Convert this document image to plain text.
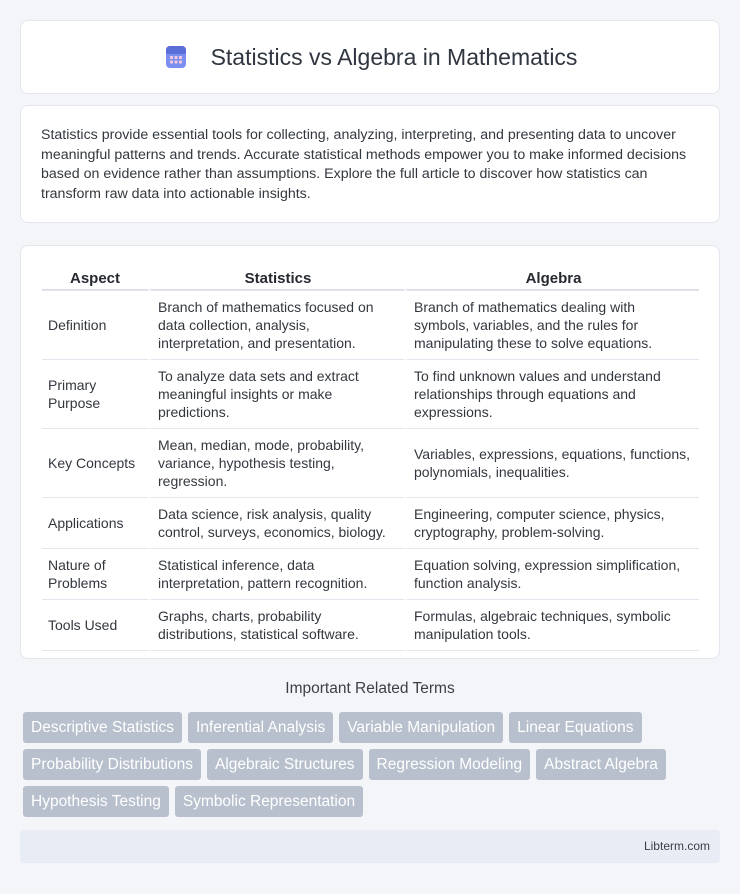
Statistics vs Algebra in Mathematics

Statistics provide essential tools for collecting, analyzing, interpreting, and presenting data to uncover meaningful patterns and trends. Accurate statistical methods empower you to make informed decisions based on evidence rather than assumptions. Explore the full article to discover how statistics can transform raw data into actionable insights.

Aspect	Statistics	Algebra
Definition	Branch of mathematics focused on data collection, analysis, interpretation, and presentation.	Branch of mathematics dealing with symbols, variables, and the rules for manipulating these to solve equations.
Primary Purpose	To analyze data sets and extract meaningful insights or make predictions.	To find unknown values and understand relationships through equations and expressions.
Key Concepts	Mean, median, mode, probability, variance, hypothesis testing, regression.	Variables, expressions, equations, functions, polynomials, inequalities.
Applications	Data science, risk analysis, quality control, surveys, economics, biology.	Engineering, computer science, physics, cryptography, problem-solving.
Nature of Problems	Statistical inference, data interpretation, pattern recognition.	Equation solving, expression simplification, function analysis.
Tools Used	Graphs, charts, probability distributions, statistical software.	Formulas, algebraic techniques, symbolic manipulation tools.
Important Related Terms
Descriptive Statistics	Inferential Analysis	Variable Manipulation	Linear Equations
Probability Distributions	Algebraic Structures	Regression Modeling	Abstract Algebra
Hypothesis Testing	Symbolic Representation
Libterm.com
